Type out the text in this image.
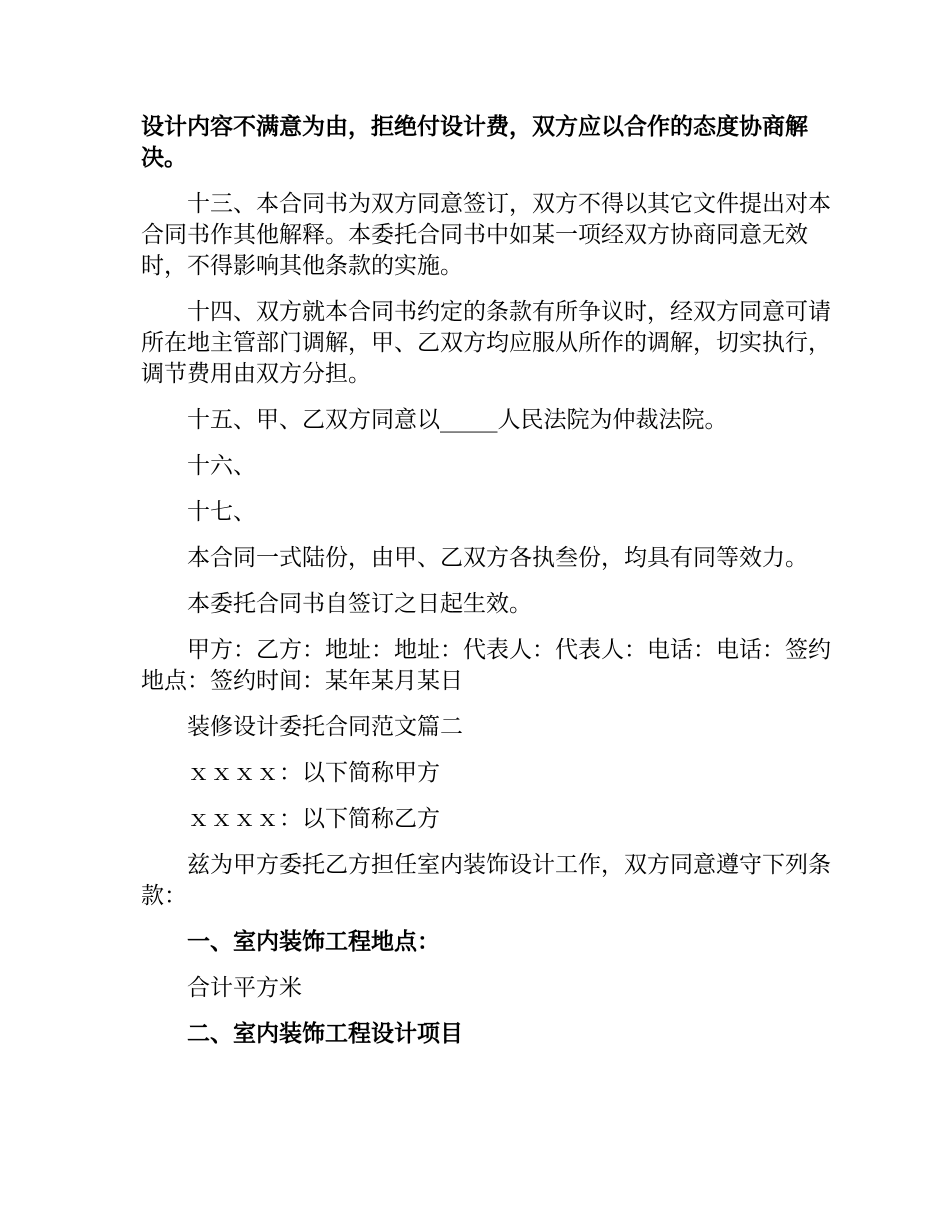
设计内容不满意为由，拒绝付设计费，双方应以合作的态度协商解决。

十三、本合同书为双方同意签订，双方不得以其它文件提出对本合同书作其他解释。本委托合同书中如某一项经双方协商同意无效时，不得影响其他条款的实施。

十四、双方就本合同书约定的条款有所争议时，经双方同意可请所在地主管部门调解，甲、乙双方均应服从所作的调解，切实执行，调节费用由双方分担。

十五、甲、乙双方同意以_____人民法院为仲裁法院。

十六、

十七、

本合同一式陆份，由甲、乙双方各执叁份，均具有同等效力。

本委托合同书自签订之日起生效。

甲方：乙方：地址：地址：代表人：代表人：电话：电话：签约地点：签约时间：某年某月某日

装修设计委托合同范文篇二

ｘｘｘｘ：以下简称甲方

ｘｘｘｘ：以下简称乙方

兹为甲方委托乙方担任室内装饰设计工作，双方同意遵守下列条款：

一、室内装饰工程地点：

合计平方米

二、室内装饰工程设计项目
